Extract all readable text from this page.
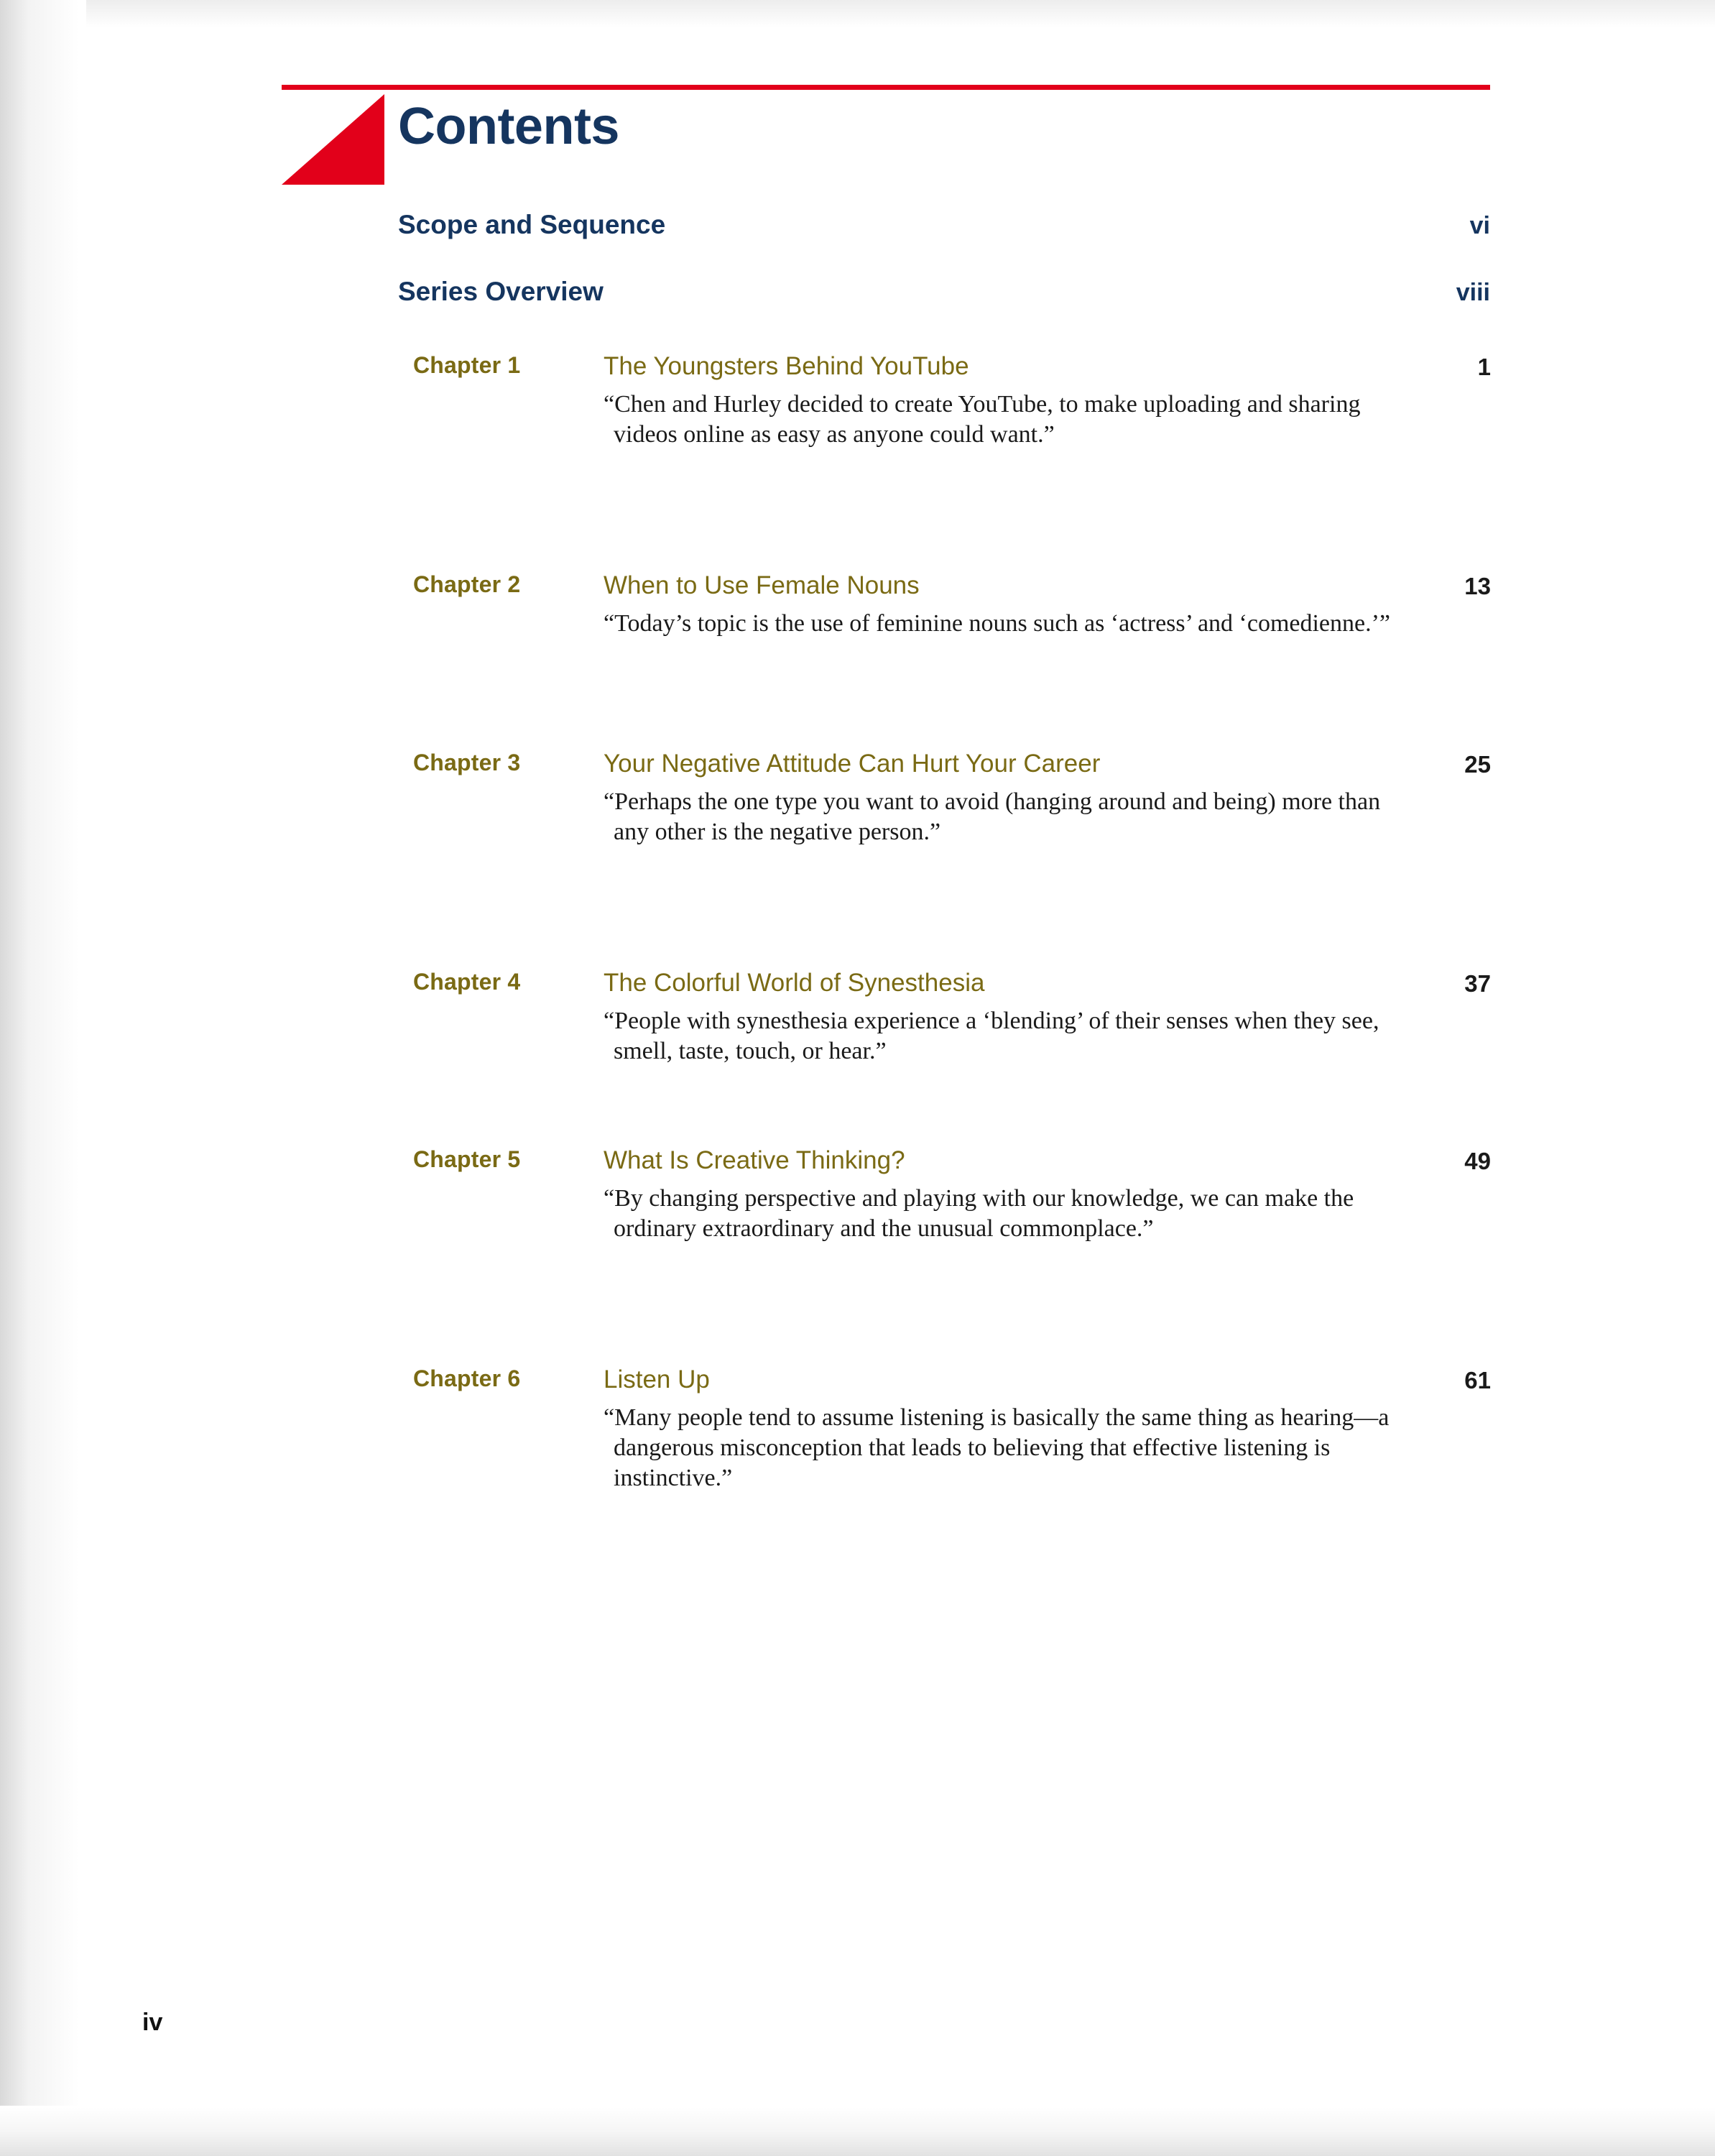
Contents
Scope and Sequence	vi
Series Overview	viii
Chapter 1	The Youngsters Behind YouTube	1
“Chen and Hurley decided to create YouTube, to make uploading and sharing videos online as easy as anyone could want.”
Chapter 2	When to Use Female Nouns	13
“Today’s topic is the use of feminine nouns such as ‘actress’ and ‘comedienne.’”
Chapter 3	Your Negative Attitude Can Hurt Your Career	25
“Perhaps the one type you want to avoid (hanging around and being) more than any other is the negative person.”
Chapter 4	The Colorful World of Synesthesia	37
“People with synesthesia experience a ‘blending’ of their senses when they see, smell, taste, touch, or hear.”
Chapter 5	What Is Creative Thinking?	49
“By changing perspective and playing with our knowledge, we can make the ordinary extraordinary and the unusual commonplace.”
Chapter 6	Listen Up	61
“Many people tend to assume listening is basically the same thing as hearing—a dangerous misconception that leads to believing that effective listening is instinctive.”
iv
